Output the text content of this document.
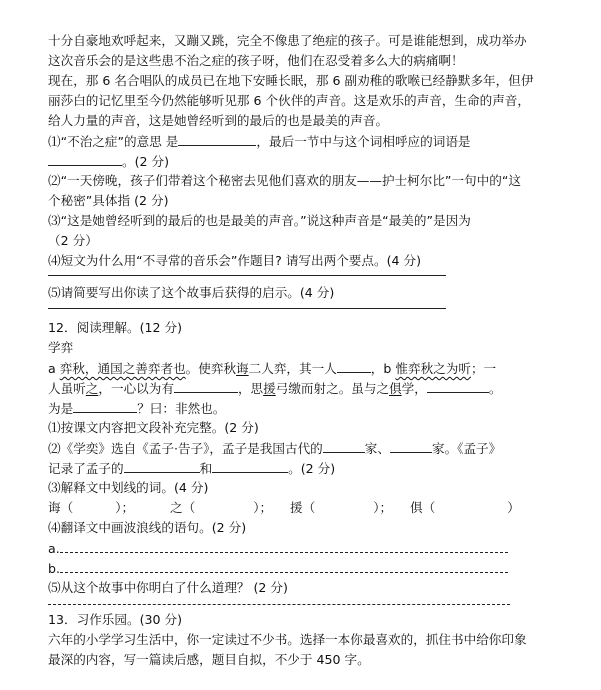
十分自豪地欢呼起来，又蹦又跳，完全不像患了绝症的孩子。可是谁能想到，成功举办
这次音乐会的是这些患不治之症的孩子呀，他们在忍受着多么大的病痛啊！
现在，那 6 名合唱队的成员已在地下安睡长眠，那 6 副劝稚的歌喉已经静默多年，但伊
丽莎白的记忆里至今仍然能够听见那 6 个伙伴的声音。这是欢乐的声音，生命的声音，
给人力量的声音，这是她曾经听到的最后的也是最美的声音。
⑴“不治之症”的意思 是	，最后一节中与这个词相呼应的词语是
。(2 分)
⑵“一天傍晚，孩子们带着这个秘密去见他们喜欢的朋友——护士柯尔比”一句中的“这
个秘密”具体指 (2 分)
⑶“这是她曾经听到的最后的也是最美的声音。”说这种声音是“最美的”是因为
（2 分）
⑷短文为什么用“不寻常的音乐会”作题目? 请写出两个要点。(4 分)
⑸请简要写出你读了这个故事后获得的启示。(4 分)
12．阅读理解。(12 分)
学弈
a 弈秋，通国之善弈者也。使弈秋诲二人弈，其一人	，b 惟弈秋之为听；一
人虽听之，一心以为有	，思援弓缴而射之。虽与之俱学，	。
为是	？曰：非然也。
⑴按课文内容把文段补充完整。(2 分)
⑵《学奕》选自《孟子·告子》，孟子是我国古代的	家、	家。《孟子》
记录了孟子的	和	。(2 分)
⑶解释文中划线的词。(4 分)
诲（	）；	之（	）； 援（	）； 俱（	）
⑷翻译文中画波浪线的语句。(2 分)
a.
b.
⑸从这个故事中你明白了什么道理？ (2 分)
13．习作乐园。(30 分)
六年的小学学习生活中，你一定读过不少书。选择一本你最喜欢的，抓住书中给你印象
最深的内容，写一篇读后感，题目自拟，不少于 450 字。
